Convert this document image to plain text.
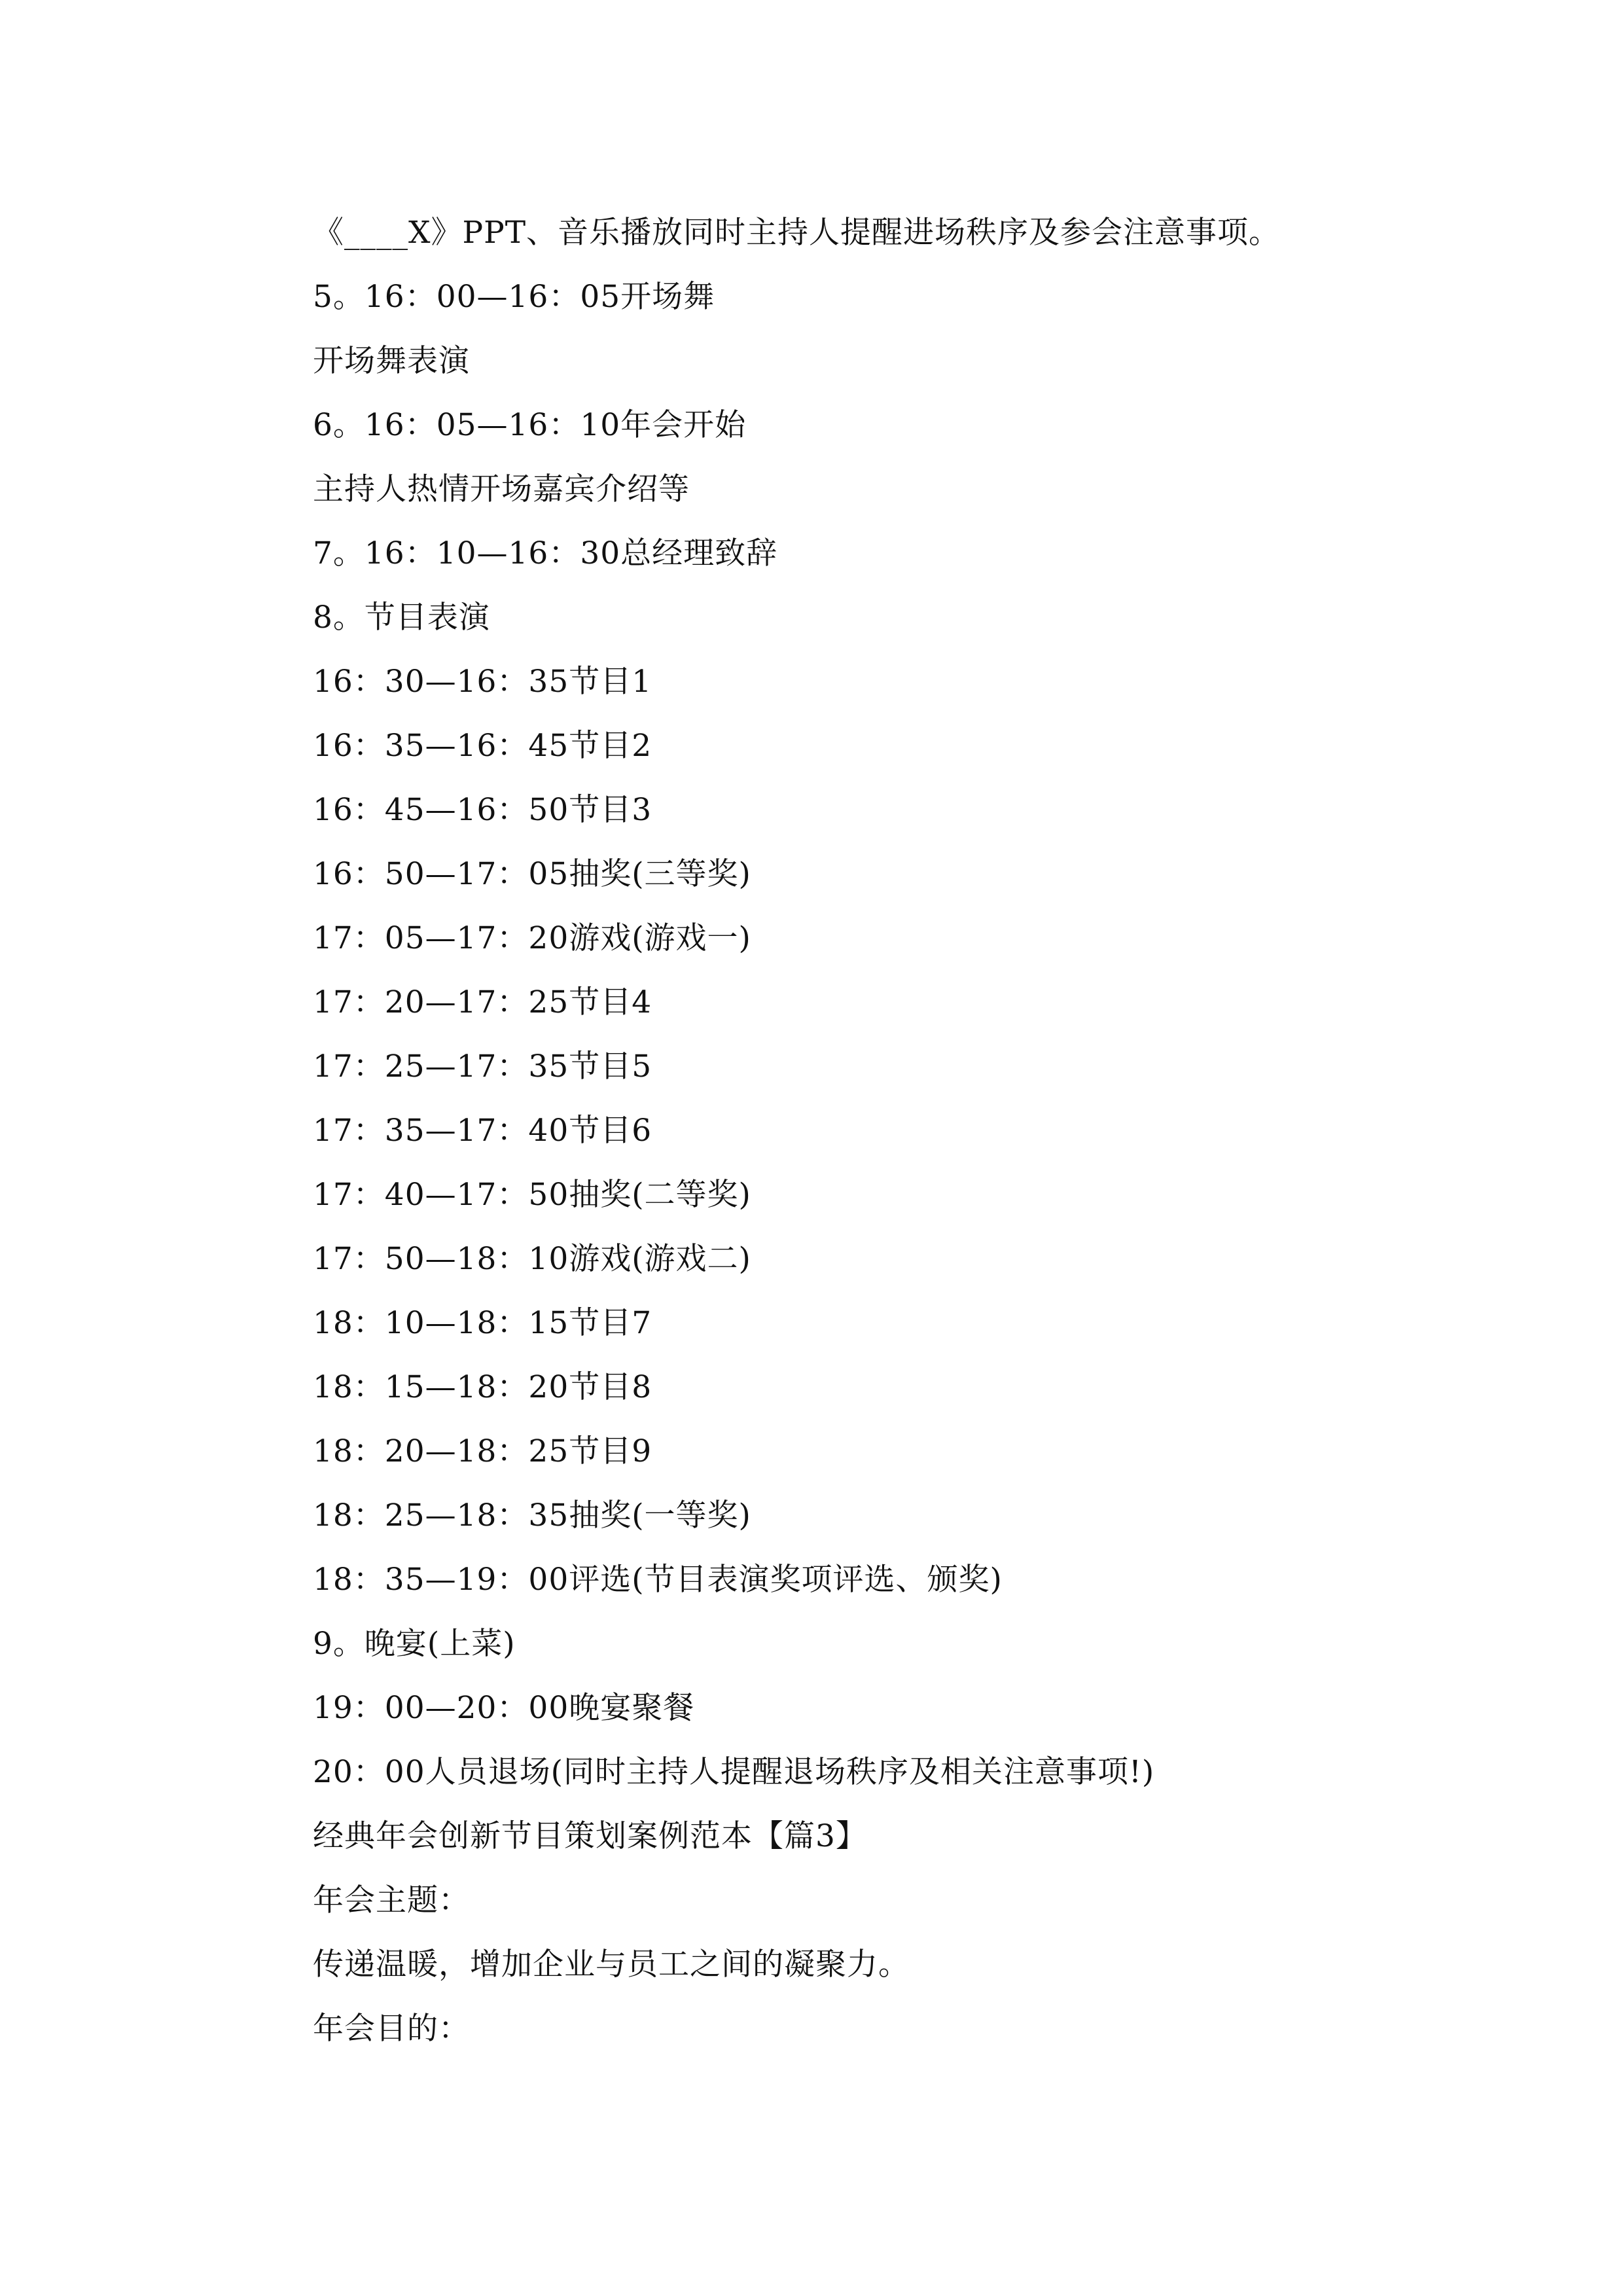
《____X》PPT、音乐播放同时主持人提醒进场秩序及参会注意事项。
5。16：00—16：05开场舞
开场舞表演
6。16：05—16：10年会开始
主持人热情开场嘉宾介绍等
7。16：10—16：30总经理致辞
8。节目表演
16：30—16：35节目1
16：35—16：45节目2
16：45—16：50节目3
16：50—17：05抽奖(三等奖)
17：05—17：20游戏(游戏一)
17：20—17：25节目4
17：25—17：35节目5
17：35—17：40节目6
17：40—17：50抽奖(二等奖)
17：50—18：10游戏(游戏二)
18：10—18：15节目7
18：15—18：20节目8
18：20—18：25节目9
18：25—18：35抽奖(一等奖)
18：35—19：00评选(节目表演奖项评选、颁奖)
9。晚宴(上菜)
19：00—20：00晚宴聚餐
20：00人员退场(同时主持人提醒退场秩序及相关注意事项!)
经典年会创新节目策划案例范本【篇3】
年会主题：
传递温暖，增加企业与员工之间的凝聚力。
年会目的：
